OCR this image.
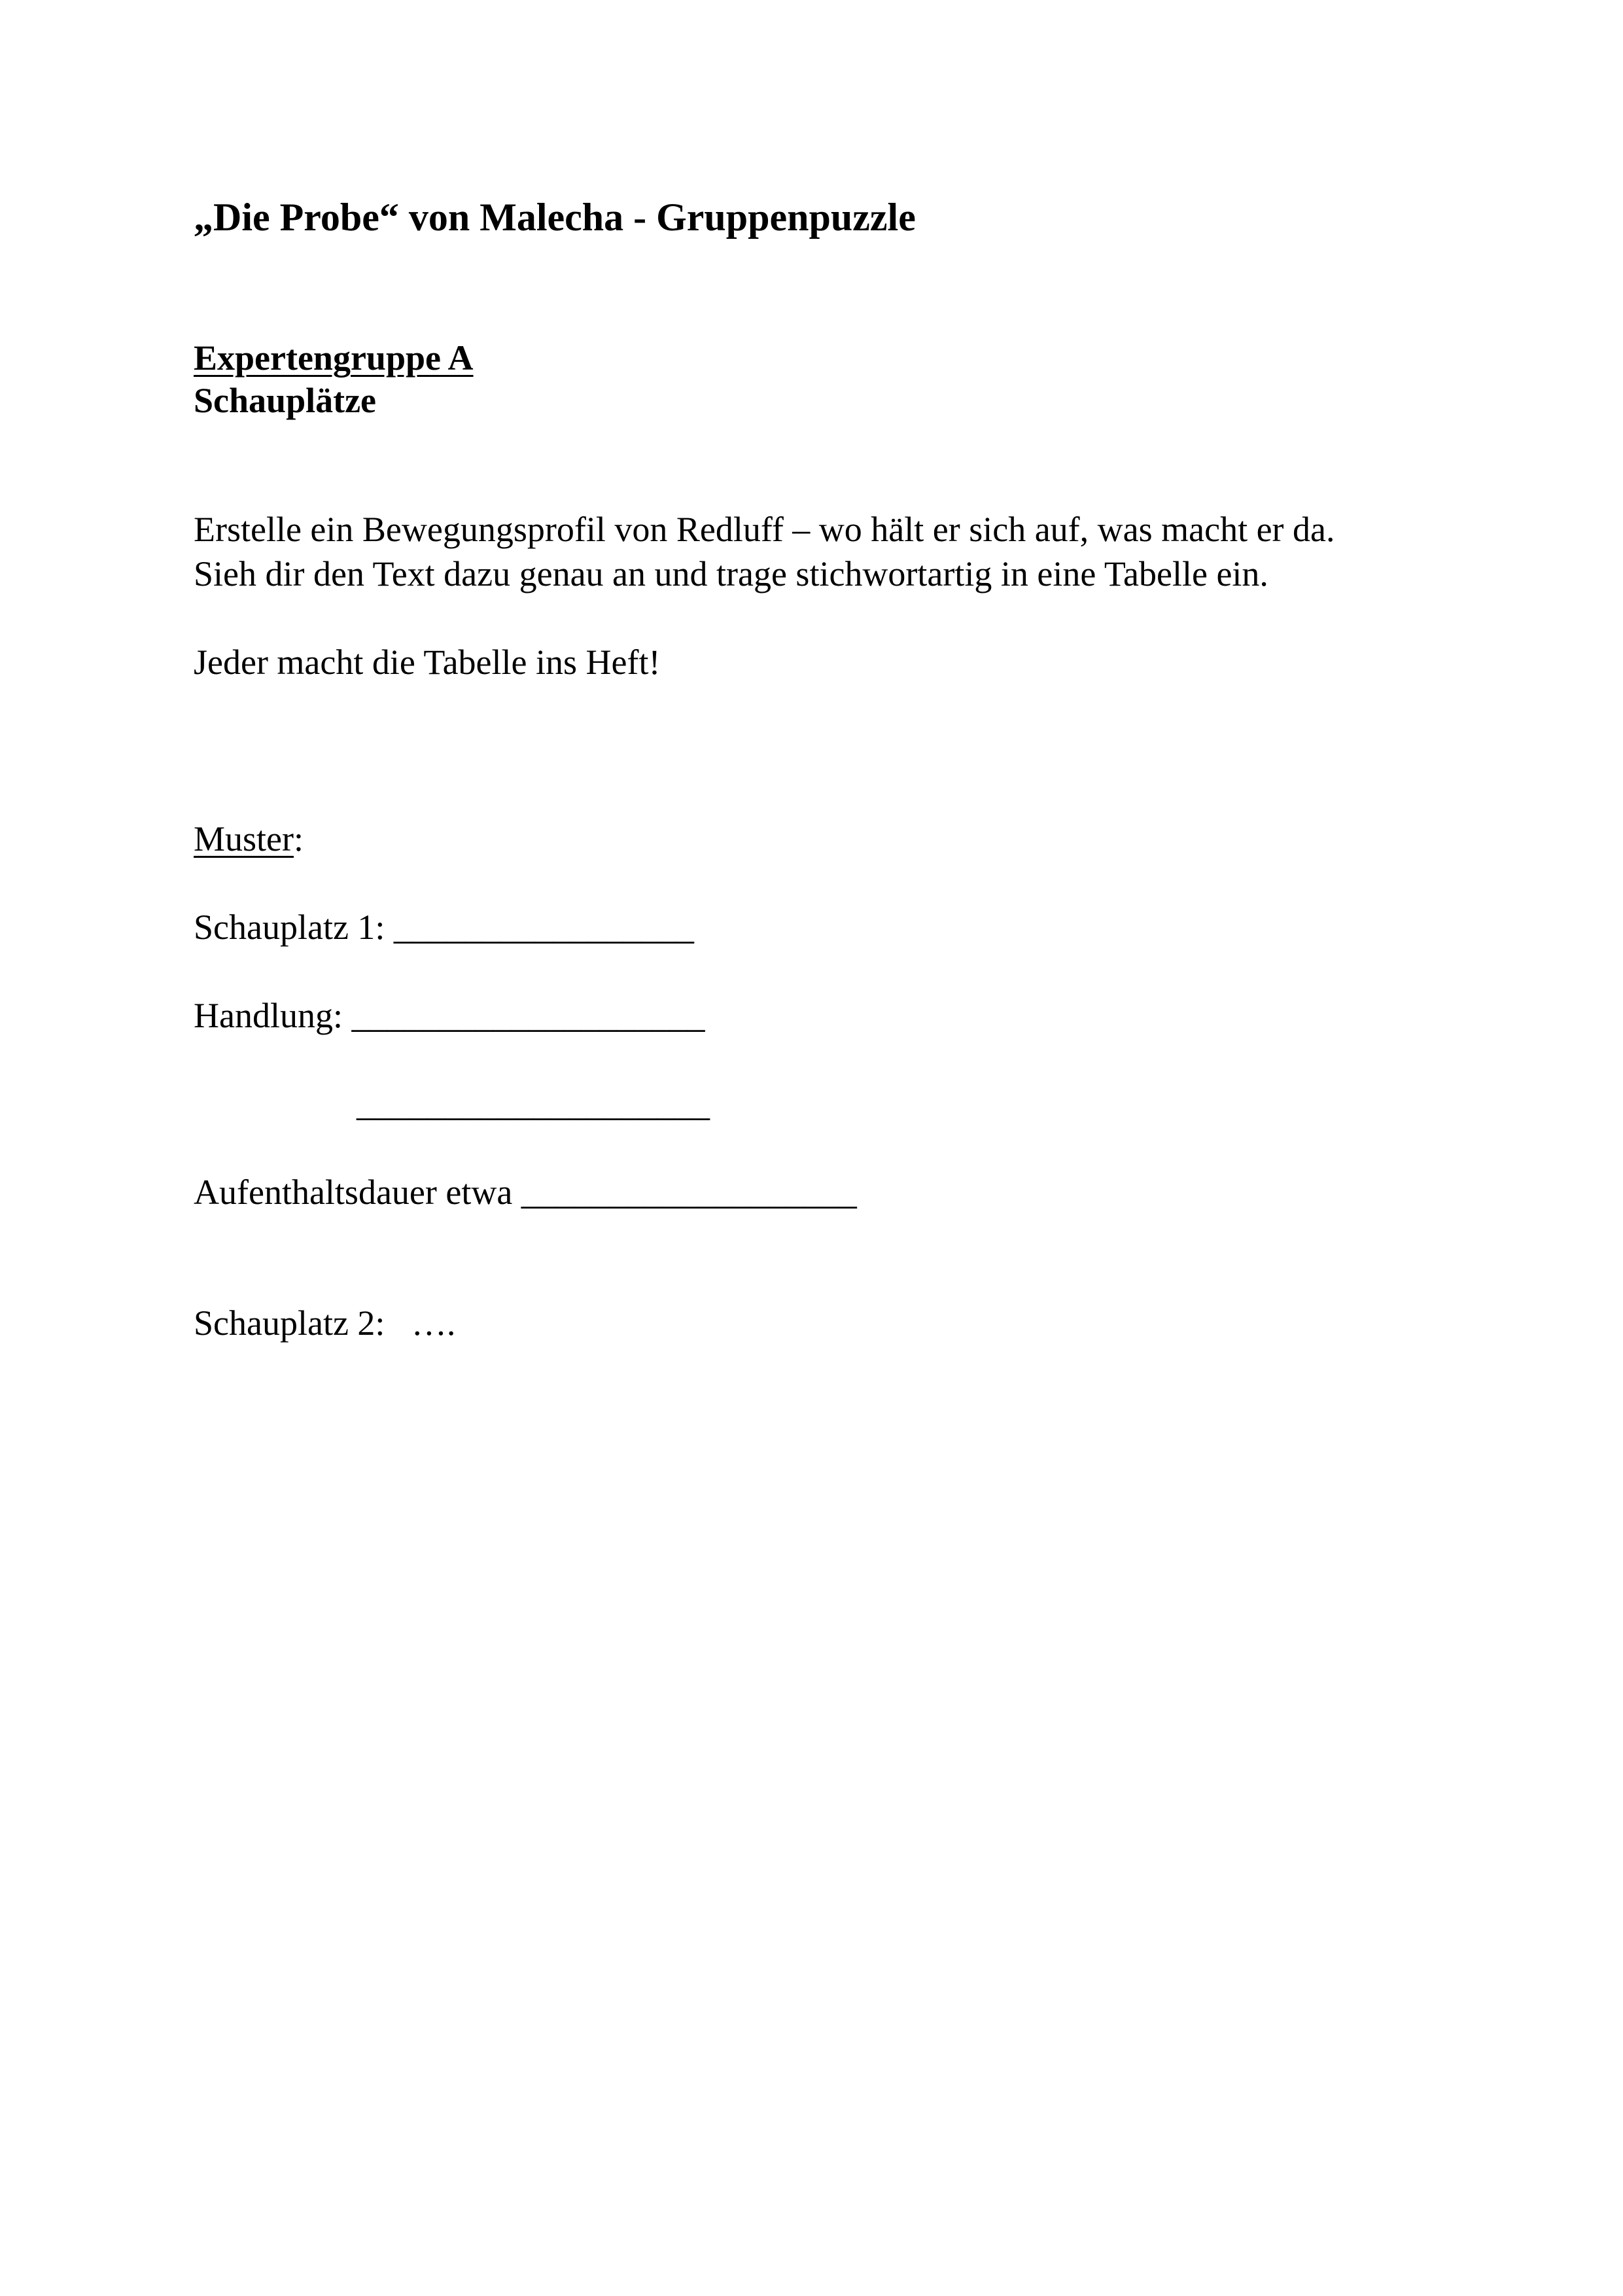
„Die Probe“ von Malecha - Gruppenpuzzle
Expertengruppe A
Schauplätze
Erstelle ein Bewegungsprofil von Redluff – wo hält er sich auf, was macht er da.
Sieh dir den Text dazu genau an und trage stichwortartig in eine Tabelle ein.
Jeder macht die Tabelle ins Heft!
Muster:
Schauplatz 1: _________________
Handlung: ____________________
____________________
Aufenthaltsdauer etwa ___________________
Schauplatz 2:   ….
